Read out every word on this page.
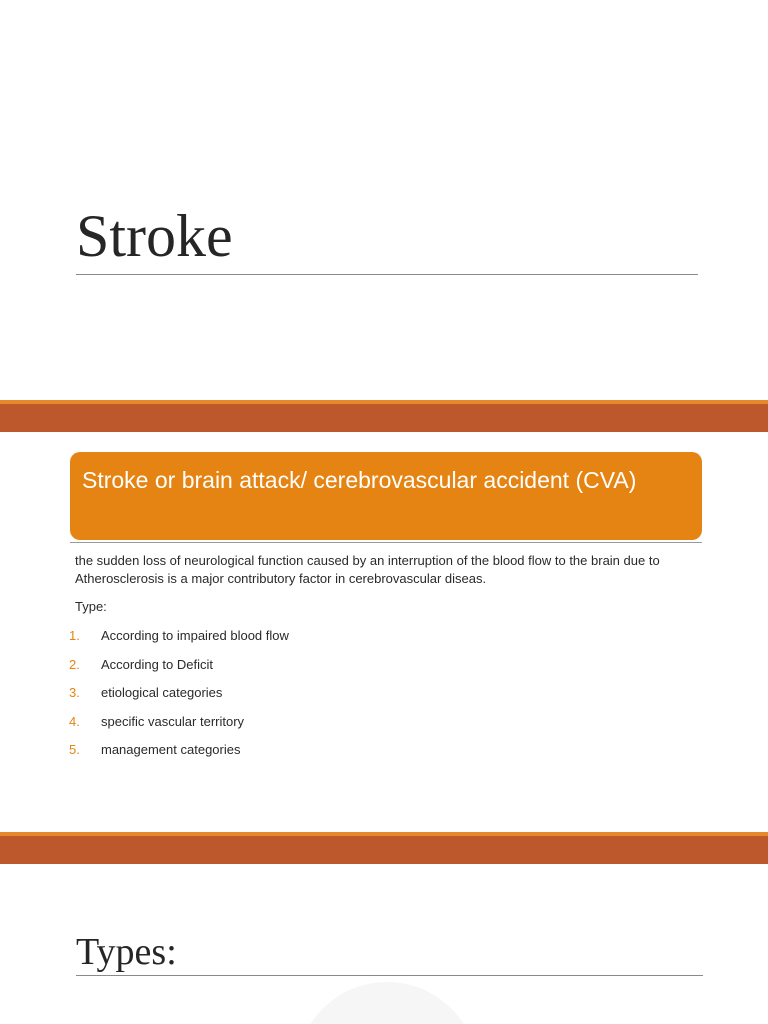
Stroke
Stroke or brain attack/ cerebrovascular accident (CVA)
the sudden loss of neurological function caused by an interruption of the blood flow to the brain due to Atherosclerosis is a major contributory factor in cerebrovascular diseas.
Type:
1. According to impaired blood flow
2. According to Deficit
3. etiological categories
4. specific vascular territory
5. management categories
Types:
